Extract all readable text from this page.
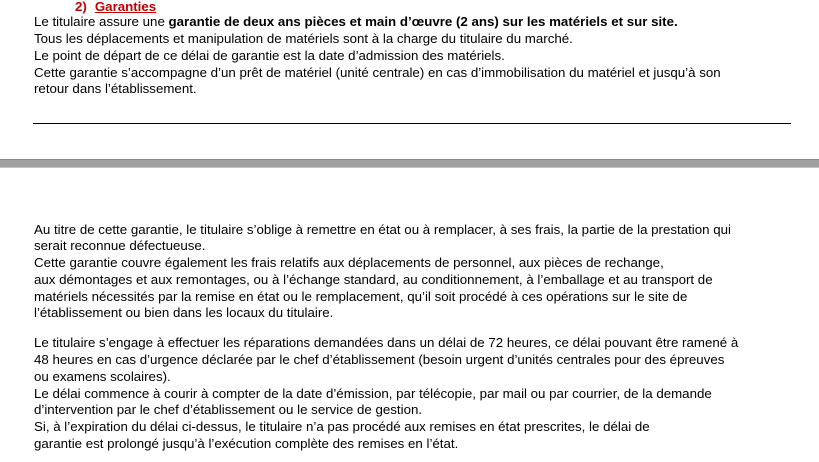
2) Garanties
Le titulaire assure une garantie de deux ans pièces et main d’œuvre (2 ans) sur les matériels et sur site.
Tous les déplacements et manipulation de matériels sont à la charge du titulaire du marché.
Le point de départ de ce délai de garantie est la date d’admission des matériels.
Cette garantie s’accompagne d’un prêt de matériel (unité centrale) en cas d’immobilisation du matériel et jusqu’à son
retour dans l’établissement.
Au titre de cette garantie, le titulaire s’oblige à remettre en état ou à remplacer, à ses frais, la partie de la prestation qui
serait reconnue défectueuse.
Cette garantie couvre également les frais relatifs aux déplacements de personnel, aux pièces de rechange,
aux démontages et aux remontages, ou à l’échange standard, au conditionnement, à l’emballage et au transport de
matériels nécessités par la remise en état ou le remplacement, qu’il soit procédé à ces opérations sur le site de
l’établissement ou bien dans les locaux du titulaire.
Le titulaire s’engage à effectuer les réparations demandées dans un délai de 72 heures, ce délai pouvant être ramené à
48 heures en cas d’urgence déclarée par le chef d’établissement (besoin urgent d’unités centrales pour des épreuves
ou examens scolaires).
Le délai commence à courir à compter de la date d’émission, par télécopie, par mail ou par courrier, de la demande
d’intervention par le chef d’établissement ou le service de gestion.
Si, à l’expiration du délai ci-dessus, le titulaire n’a pas procédé aux remises en état prescrites, le délai de
garantie est prolongé jusqu’à l’exécution complète des remises en l’état.
